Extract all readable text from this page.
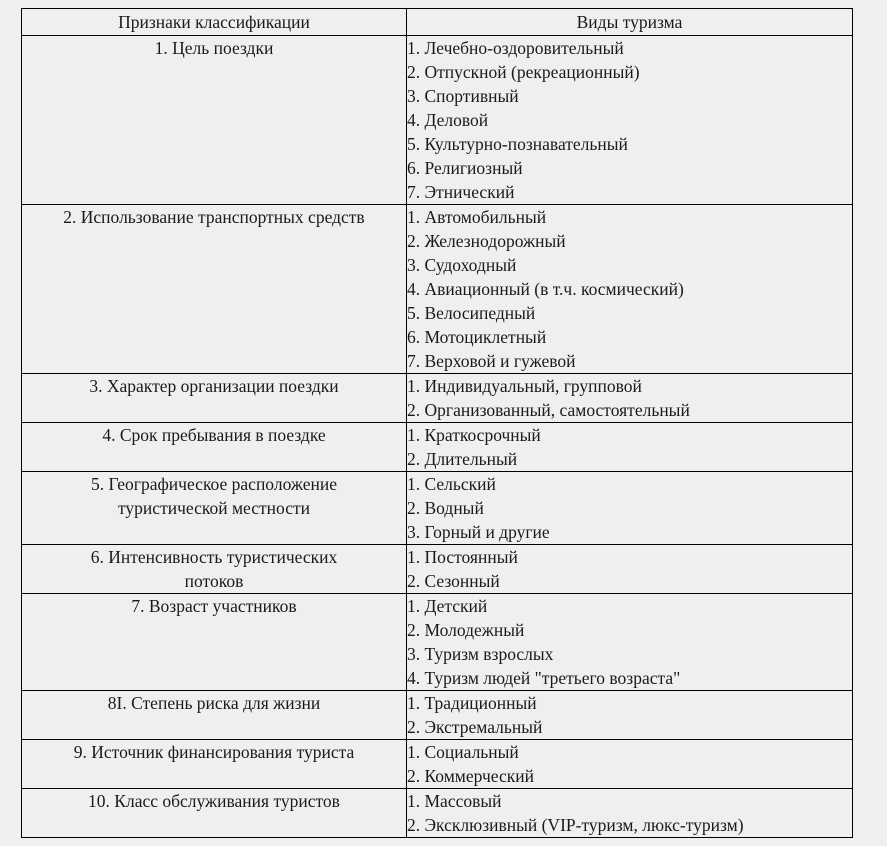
Признаки классификации	Виды туризма

1. Цель поездки	1. Лечебно-оздоровительный
2. Отпускной (рекреационный)
3. Спортивный
4. Деловой
5. Культурно-познавательный
6. Религиозный
7. Этнический

2. Использование транспортных средств	1. Автомобильный
2. Железнодорожный
3. Судоходный
4. Авиационный (в т.ч. космический)
5. Велосипедный
6. Мотоциклетный
7. Верховой и гужевой

3. Характер организации поездки	1. Индивидуальный, групповой
2. Организованный, самостоятельный

4. Срок пребывания в поездке	1. Краткосрочный
2. Длительный

5. Географическое расположение
туристической местности	1. Сельский
2. Водный
3. Горный и другие

6. Интенсивность туристических
потоков	1. Постоянный
2. Сезонный

7. Возраст участников	1. Детский
2. Молодежный
3. Туризм взрослых
4. Туризм людей "третьего возраста"

8I. Степень риска для жизни	1. Традиционный
2. Экстремальный

9. Источник финансирования туриста	1. Социальный
2. Коммерческий

10. Класс обслуживания туристов	1. Массовый
2. Эксклюзивный (VIP-туризм, люкс-туризм)
